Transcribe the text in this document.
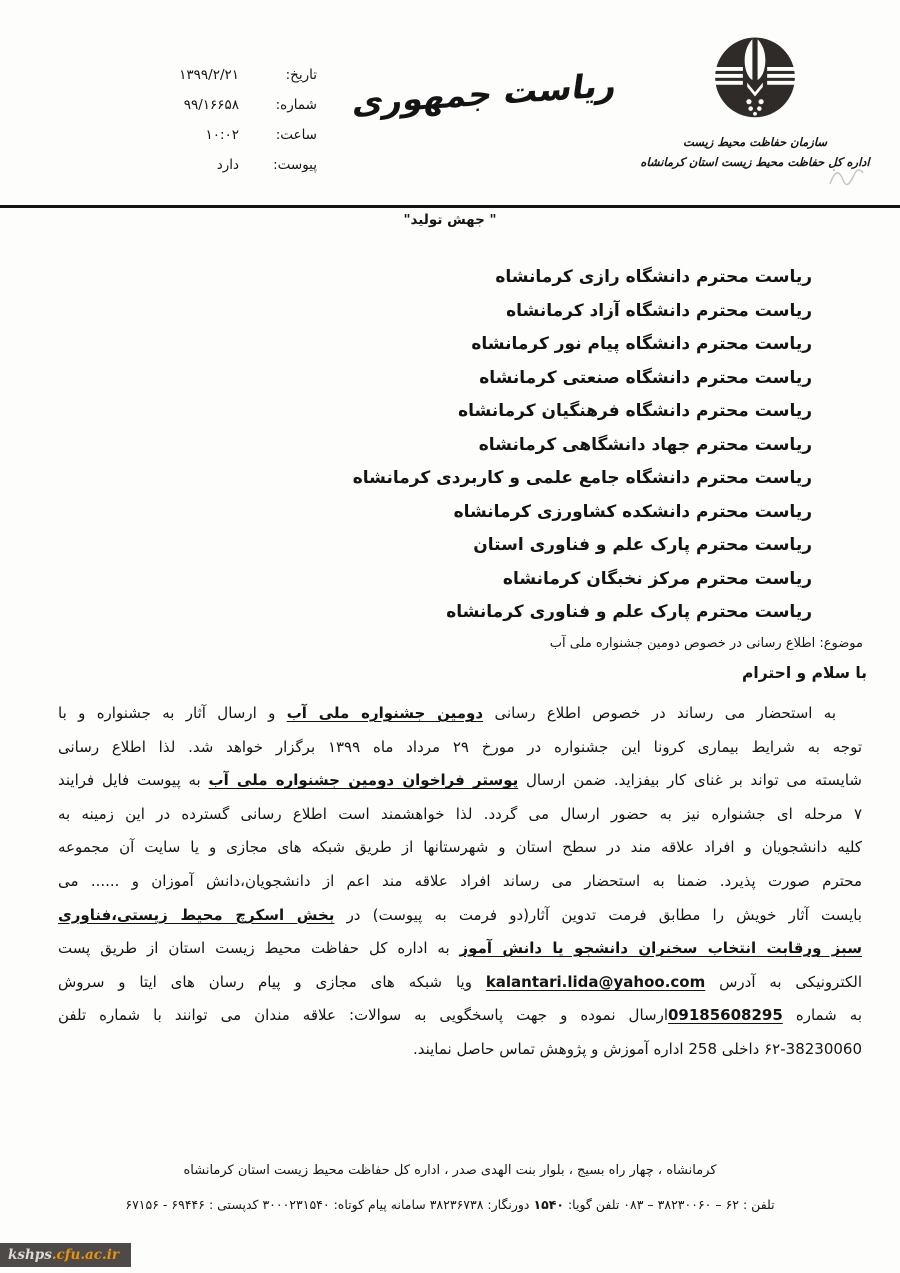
تاریخ:
۱۳۹۹/۲/۲۱
شماره:
۹۹/۱۶۶۵۸
ساعت:
۱۰:۰۲
پیوست:
دارد
ریاست جمهوری
سازمان حفاظت محیط زیست
اداره کل حفاظت محیط زیست استان کرمانشاه
" جهش تولید"
ریاست محترم دانشگاه رازی کرمانشاه
ریاست محترم دانشگاه آزاد کرمانشاه
ریاست محترم دانشگاه پیام نور کرمانشاه
ریاست محترم دانشگاه صنعتی کرمانشاه
ریاست محترم دانشگاه فرهنگیان کرمانشاه
ریاست محترم جهاد دانشگاهی کرمانشاه
ریاست محترم دانشگاه جامع علمی و کاربردی کرمانشاه
ریاست محترم دانشکده کشاورزی کرمانشاه
ریاست محترم پارک علم و فناوری استان
ریاست محترم مرکز نخبگان کرمانشاه
ریاست محترم پارک علم و فناوری کرمانشاه
موضوع: اطلاع رسانی در خصوص دومین جشنواره ملی آب
با سلام و احترام
به استحضار می رساند در خصوص اطلاع رسانی دومین جشنواره ملی آب و ارسال آثار به جشنواره و با
توجه به شرایط بیماری کرونا این جشنواره در مورخ ۲۹ مرداد ماه ۱۳۹۹ برگزار خواهد شد. لذا اطلاع رسانی
شایسته می تواند بر غنای کار بیفزاید. ضمن ارسال پوستر فراخوان دومین جشنواره ملی آب به پیوست فایل فرایند
۷ مرحله ای جشنواره نیز به حضور ارسال می گردد. لذا خواهشمند است اطلاع رسانی گسترده در این زمینه به
کلیه دانشجویان و افراد علاقه مند در سطح استان و شهرستانها از طریق شبکه های مجازی و یا سایت آن مجموعه
محترم صورت پذیرد. ضمنا به استحضار می رساند افراد علاقه مند اعم از دانشجویان،دانش آموزان و ...... می
بایست آثار خویش را مطابق فرمت تدوین آثار(دو فرمت به پیوست) در بخش اسکرچ محیط زیستی،فناوری
سبز ورقابت انتخاب سخنران دانشجو یا دانش آموز به اداره کل حفاظت محیط زیست استان از طریق پست
الکترونیکی به آدرس kalantari.lida@yahoo.com ویا شبکه های مجازی و پیام رسان های ایتا و سروش
به شماره 09185608295ارسال نموده و جهت پاسخگویی به سوالات: علاقه مندان می توانند با شماره تلفن
۶۲-38230060 داخلی 258 اداره آموزش و پژوهش تماس حاصل نمایند.
کرمانشاه ، چهار راه بسیج ، بلوار بنت الهدی صدر ، اداره کل حفاظت محیط زیست استان کرمانشاه
تلفن : ۶۲ – ۳۸۲۳۰۰۶۰ – ۰۸۳ تلفن گویا: ۱۵۴۰ دورنگار: ۳۸۲۳۶۷۳۸ سامانه پیام کوتاه: ۳۰۰۰۲۳۱۵۴۰ کدپستی : ۶۹۴۴۶ - ۶۷۱۵۶
kshps .cfu.ac.ir
